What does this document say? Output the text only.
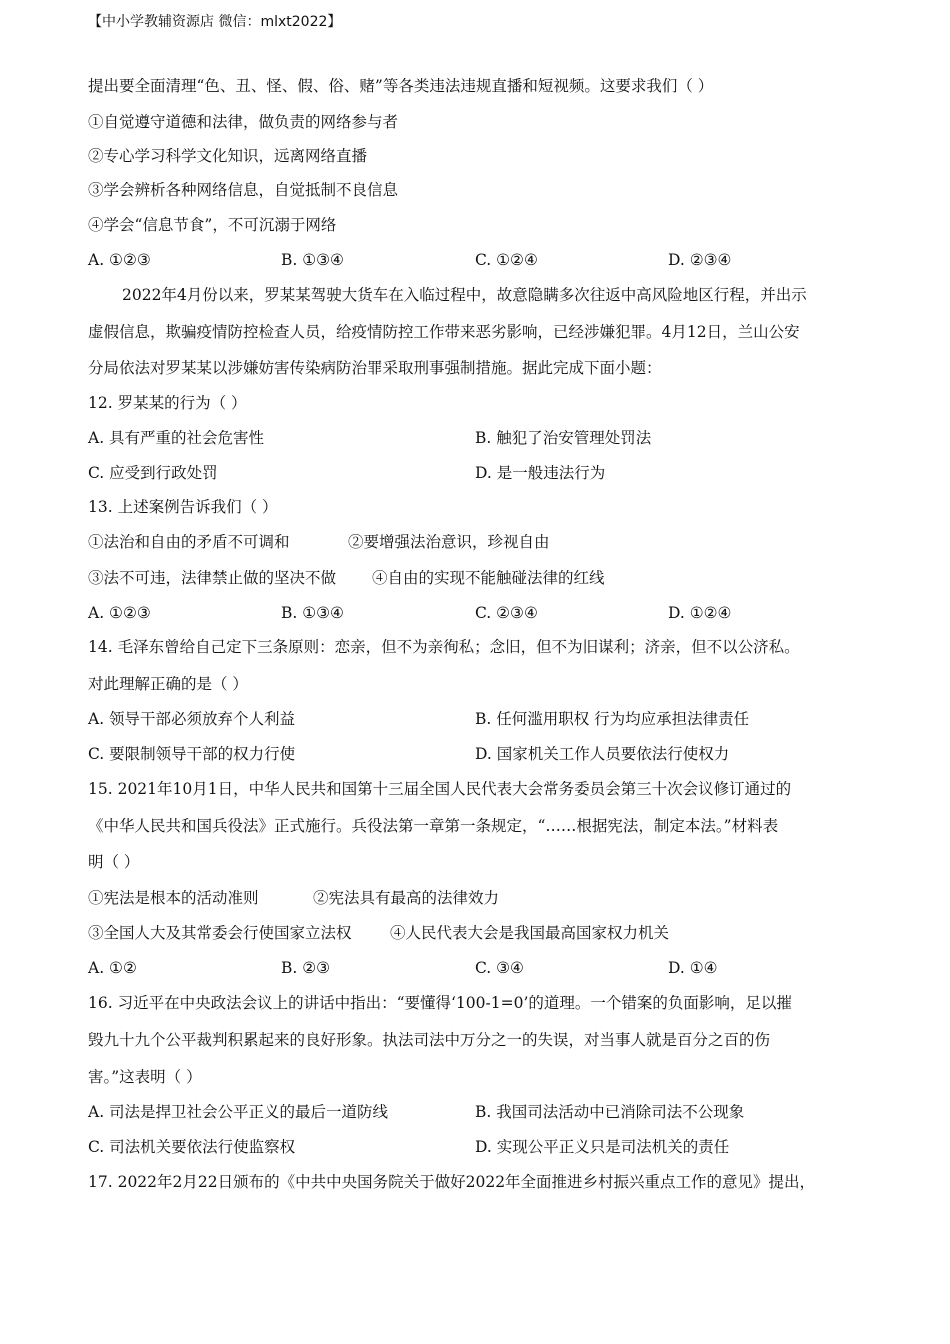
【中小学教辅资源店 微信：mlxt2022】
提出要全面清理“色、丑、怪、假、俗、赌”等各类违法违规直播和短视频。这要求我们（ ）
①自觉遵守道德和法律，做负责的网络参与者
②专心学习科学文化知识，远离网络直播
③学会辨析各种网络信息，自觉抵制不良信息
④学会“信息节食”，不可沉溺于网络
A. ①②③	B. ①③④	C. ①②④	D. ②③④
2022年4月份以来，罗某某驾驶大货车在入临过程中，故意隐瞒多次往返中高风险地区行程，并出示
虚假信息，欺骗疫情防控检查人员，给疫情防控工作带来恶劣影响，已经涉嫌犯罪。4月12日，兰山公安
分局依法对罗某某以涉嫌妨害传染病防治罪采取刑事强制措施。据此完成下面小题：
12. 罗某某的行为（ ）
A. 具有严重的社会危害性	B. 触犯了治安管理处罚法
C. 应受到行政处罚	D. 是一般违法行为
13. 上述案例告诉我们（ ）
①法治和自由的矛盾不可调和	②要增强法治意识，珍视自由
③法不可违，法律禁止做的坚决不做 ④自由的实现不能触碰法律的红线
A. ①②③	B. ①③④	C. ②③④	D. ①②④
14. 毛泽东曾给自己定下三条原则：恋亲，但不为亲徇私；念旧，但不为旧谋利；济亲，但不以公济私。
对此理解正确的是（ ）
A. 领导干部必须放弃个人利益	B. 任何滥用职权 行为均应承担法律责任
C. 要限制领导干部的权力行使	D. 国家机关工作人员要依法行使权力
15. 2021年10月1日，中华人民共和国第十三届全国人民代表大会常务委员会第三十次会议修订通过的
《中华人民共和国兵役法》正式施行。兵役法第一章第一条规定，“……根据宪法，制定本法。”材料表
明（ ）
①宪法是根本的活动准则	②宪法具有最高的法律效力
③全国人大及其常委会行使国家立法权 ④人民代表大会是我国最高国家权力机关
A. ①②	B. ②③	C. ③④	D. ①④
16. 习近平在中央政法会议上的讲话中指出：“要懂得‘100-1=0’的道理。一个错案的负面影响，足以摧
毁九十九个公平裁判积累起来的良好形象。执法司法中万分之一的失误，对当事人就是百分之百的伤
害。”这表明（ ）
A. 司法是捍卫社会公平正义的最后一道防线	B. 我国司法活动中已消除司法不公现象
C. 司法机关要依法行使监察权	D. 实现公平正义只是司法机关的责任
17. 2022年2月22日颁布的《中共中央国务院关于做好2022年全面推进乡村振兴重点工作的意见》提出，
